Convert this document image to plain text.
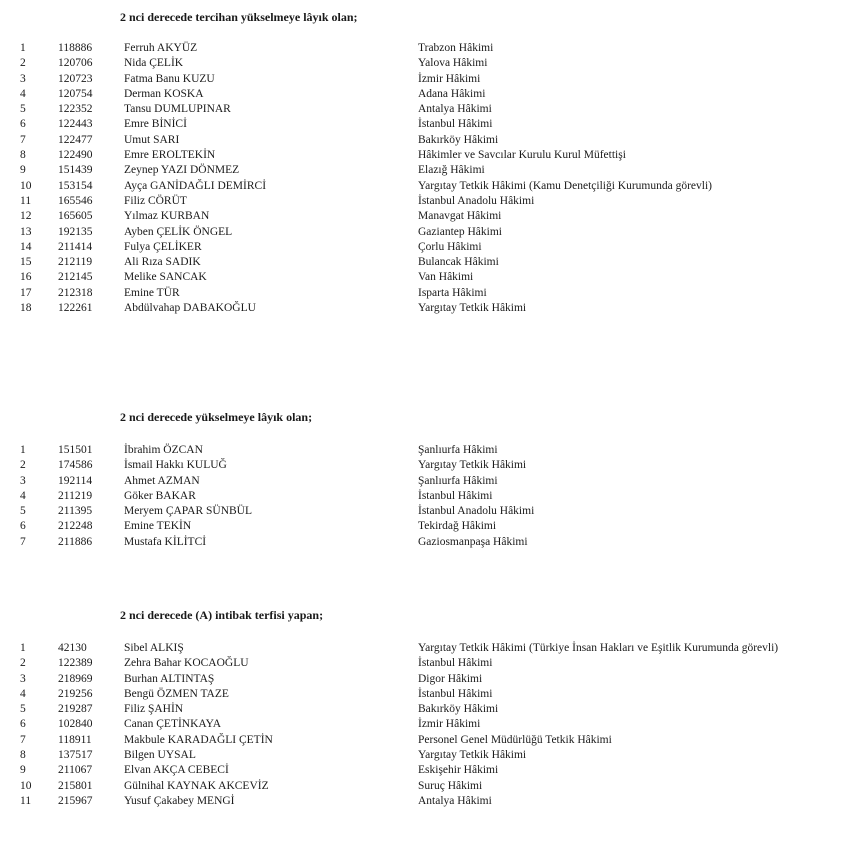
2 nci derecede tercihan yükselmeye lâyık olan;
1	118886	Ferruh AKYÜZ	Trabzon Hâkimi
2	120706	Nida ÇELİK	Yalova Hâkimi
3	120723	Fatma Banu KUZU	İzmir Hâkimi
4	120754	Derman KOSKA	Adana Hâkimi
5	122352	Tansu DUMLUPINAR	Antalya Hâkimi
6	122443	Emre BİNİCİ	İstanbul Hâkimi
7	122477	Umut SARI	Bakırköy Hâkimi
8	122490	Emre EROLTEKİN	Hâkimler ve Savcılar Kurulu Kurul Müfettişi
9	151439	Zeynep YAZI DÖNMEZ	Elazığ Hâkimi
10 153154	Ayça GANİDAĞLI DEMİRCİ	Yargıtay Tetkik Hâkimi (Kamu Denetçiliği Kurumunda görevli)
11 165546	Filiz CÖRÜT	İstanbul Anadolu Hâkimi
12 165605	Yılmaz KURBAN	Manavgat Hâkimi
13 192135	Ayben ÇELİK ÖNGEL	Gaziantep Hâkimi
14 211414	Fulya ÇELİKER	Çorlu Hâkimi
15 212119	Ali Rıza SADIK	Bulancak Hâkimi
16 212145	Melike SANCAK	Van Hâkimi
17 212318	Emine TÜR	Isparta Hâkimi
18 122261	Abdülvahap DABAKOĞLU	Yargıtay Tetkik Hâkimi
2 nci derecede yükselmeye lâyık olan;
1	151501	İbrahim ÖZCAN	Şanlıurfa Hâkimi
2	174586	İsmail Hakkı KULUĞ	Yargıtay Tetkik Hâkimi
3	192114	Ahmet AZMAN	Şanlıurfa Hâkimi
4	211219	Göker BAKAR	İstanbul Hâkimi
5	211395	Meryem ÇAPAR SÜNBÜL	İstanbul Anadolu Hâkimi
6	212248	Emine TEKİN	Tekirdağ Hâkimi
7	211886	Mustafa KİLİTCİ	Gaziosmanpaşa Hâkimi
2 nci derecede (A) intibak terfisi yapan;
1	42130	Sibel ALKIŞ	Yargıtay Tetkik Hâkimi (Türkiye İnsan Hakları ve Eşitlik Kurumunda görevli)
2	122389	Zehra Bahar KOCAOĞLU	İstanbul Hâkimi
3	218969	Burhan ALTINTAŞ	Digor Hâkimi
4	219256	Bengü ÖZMEN TAZE	İstanbul Hâkimi
5	219287	Filiz ŞAHİN	Bakırköy Hâkimi
6	102840	Canan ÇETİNKAYA	İzmir Hâkimi
7	118911	Makbule KARADAĞLI ÇETİN	Personel Genel Müdürlüğü Tetkik Hâkimi
8	137517	Bilgen UYSAL	Yargıtay Tetkik Hâkimi
9	211067	Elvan AKÇA CEBECİ	Eskişehir Hâkimi
10 215801	Gülnihal KAYNAK AKCEVİZ	Suruç Hâkimi
11 215967	Yusuf Çakabey MENGİ	Antalya Hâkimi
